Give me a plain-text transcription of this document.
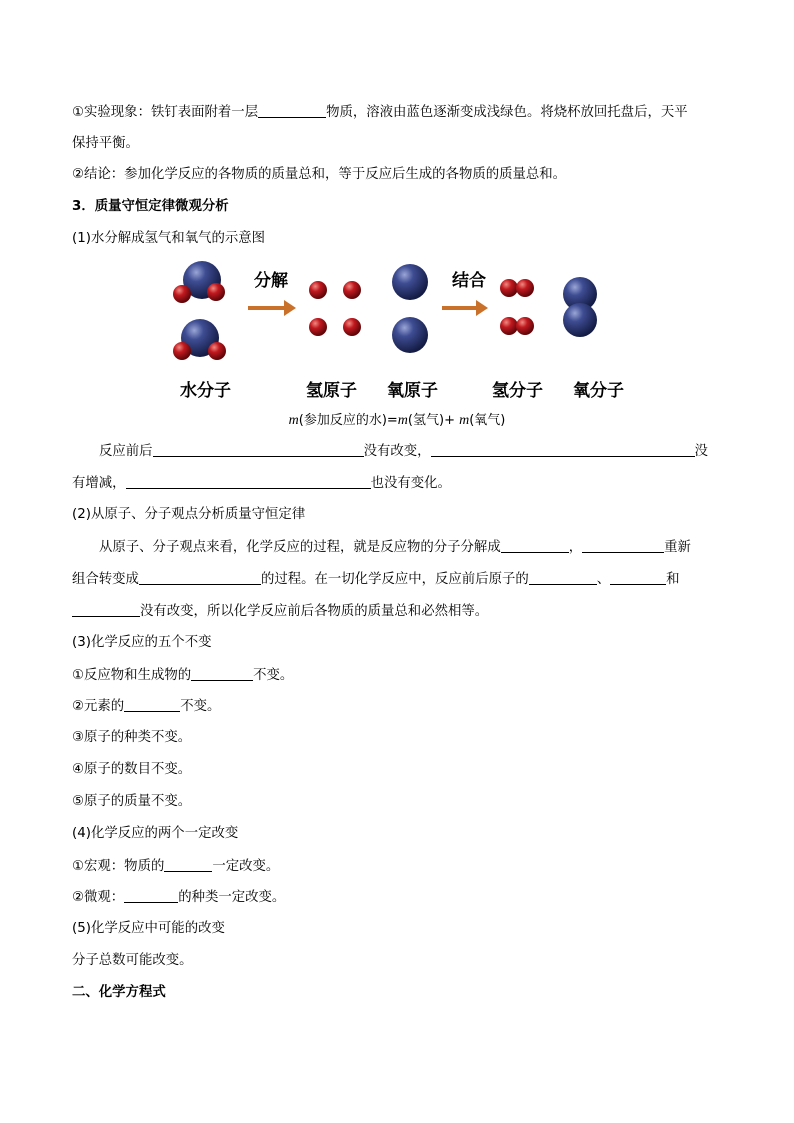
①实验现象：铁钉表面附着一层	物质，溶液由蓝色逐渐变成浅绿色。将烧杯放回托盘后，天平
保持平衡。
②结论：参加化学反应的各物质的质量总和，等于反应后生成的各物质的质量总和。
3．质量守恒定律微观分析
(1)水分解成氢气和氧气的示意图
分解	结合
水分子	氢原子 氧原子	氢分子 氧分子
m(参加反应的水)=m(氢气)+ m(氧气)
反应前后	没有改变，	没
有增减，	也没有变化。
(2)从原子、分子观点分析质量守恒定律
从原子、分子观点来看，化学反应的过程，就是反应物的分子分解成	，	重新
组合转变成	的过程。在一切化学反应中，反应前后原子的	、	和
没有改变，所以化学反应前后各物质的质量总和必然相等。
(3)化学反应的五个不变
①反应物和生成物的	不变。
②元素的	不变。
③原子的种类不变。
④原子的数目不变。
⑤原子的质量不变。
(4)化学反应的两个一定改变
①宏观：物质的	一定改变。
②微观：	的种类一定改变。
(5)化学反应中可能的改变
分子总数可能改变。
二、化学方程式
